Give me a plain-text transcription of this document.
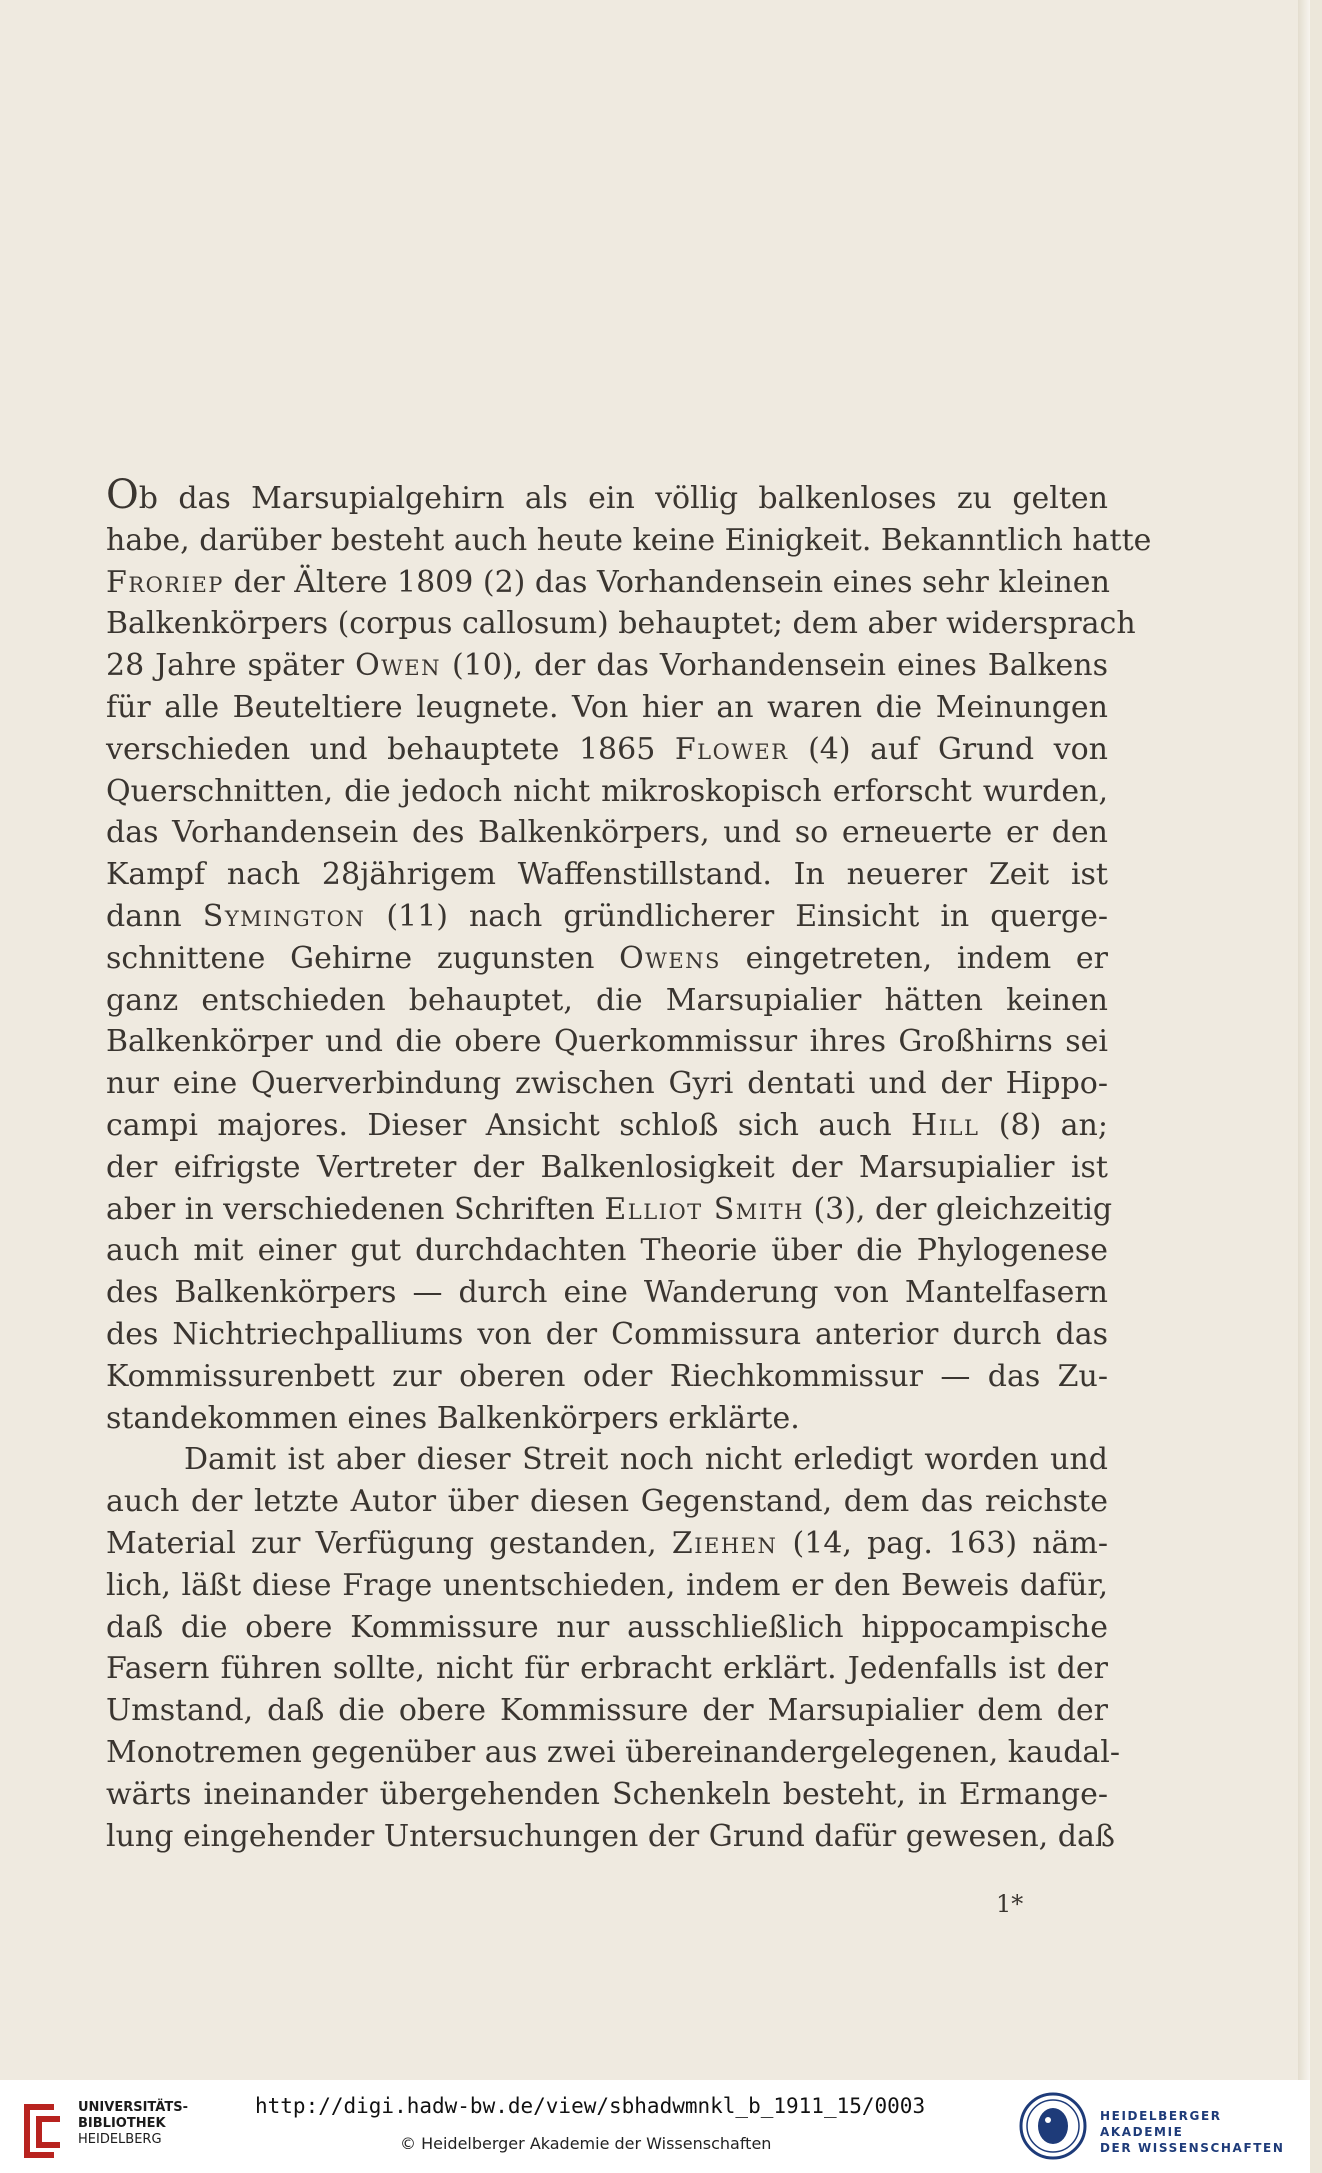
Ob das Marsupialgehirn als ein völlig balkenloses zu gelten
habe, darüber besteht auch heute keine Einigkeit. Bekanntlich hatte
Froriep der Ältere 1809 (2) das Vorhandensein eines sehr kleinen
Balkenkörpers (corpus callosum) behauptet; dem aber widersprach
28 Jahre später Owen (10), der das Vorhandensein eines Balkens
für alle Beuteltiere leugnete. Von hier an waren die Meinungen
verschieden und behauptete 1865 Flower (4) auf Grund von
Querschnitten, die jedoch nicht mikroskopisch erforscht wurden,
das Vorhandensein des Balkenkörpers, und so erneuerte er den
Kampf nach 28jährigem Waffenstillstand. In neuerer Zeit ist
dann Symington (11) nach gründlicherer Einsicht in querge-
schnittene Gehirne zugunsten Owens eingetreten, indem er
ganz entschieden behauptet, die Marsupialier hätten keinen
Balkenkörper und die obere Querkommissur ihres Großhirns sei
nur eine Querverbindung zwischen Gyri dentati und der Hippo-
campi majores. Dieser Ansicht schloß sich auch Hill (8) an;
der eifrigste Vertreter der Balkenlosigkeit der Marsupialier ist
aber in verschiedenen Schriften Elliot Smith (3), der gleichzeitig
auch mit einer gut durchdachten Theorie über die Phylogenese
des Balkenkörpers — durch eine Wanderung von Mantelfasern
des Nichtriechpalliums von der Commissura anterior durch das
Kommissurenbett zur oberen oder Riechkommissur — das Zu-
standekommen eines Balkenkörpers erklärte.
Damit ist aber dieser Streit noch nicht erledigt worden und
auch der letzte Autor über diesen Gegenstand, dem das reichste
Material zur Verfügung gestanden, Ziehen (14, pag. 163) näm-
lich, läßt diese Frage unentschieden, indem er den Beweis dafür,
daß die obere Kommissure nur ausschließlich hippocampische
Fasern führen sollte, nicht für erbracht erklärt. Jedenfalls ist der
Umstand, daß die obere Kommissure der Marsupialier dem der
Monotremen gegenüber aus zwei übereinandergelegenen, kaudal-
wärts ineinander übergehenden Schenkeln besteht, in Ermange-
lung eingehender Untersuchungen der Grund dafür gewesen, daß
1*
UNIVERSITÄTS-
BIBLIOTHEK
HEIDELBERG
http://digi.hadw-bw.de/view/sbhadwmnkl_b_1911_15/0003
© Heidelberger Akademie der Wissenschaften
HEIDELBERGER AKADEMIE
DER WISSENSCHAFTEN
